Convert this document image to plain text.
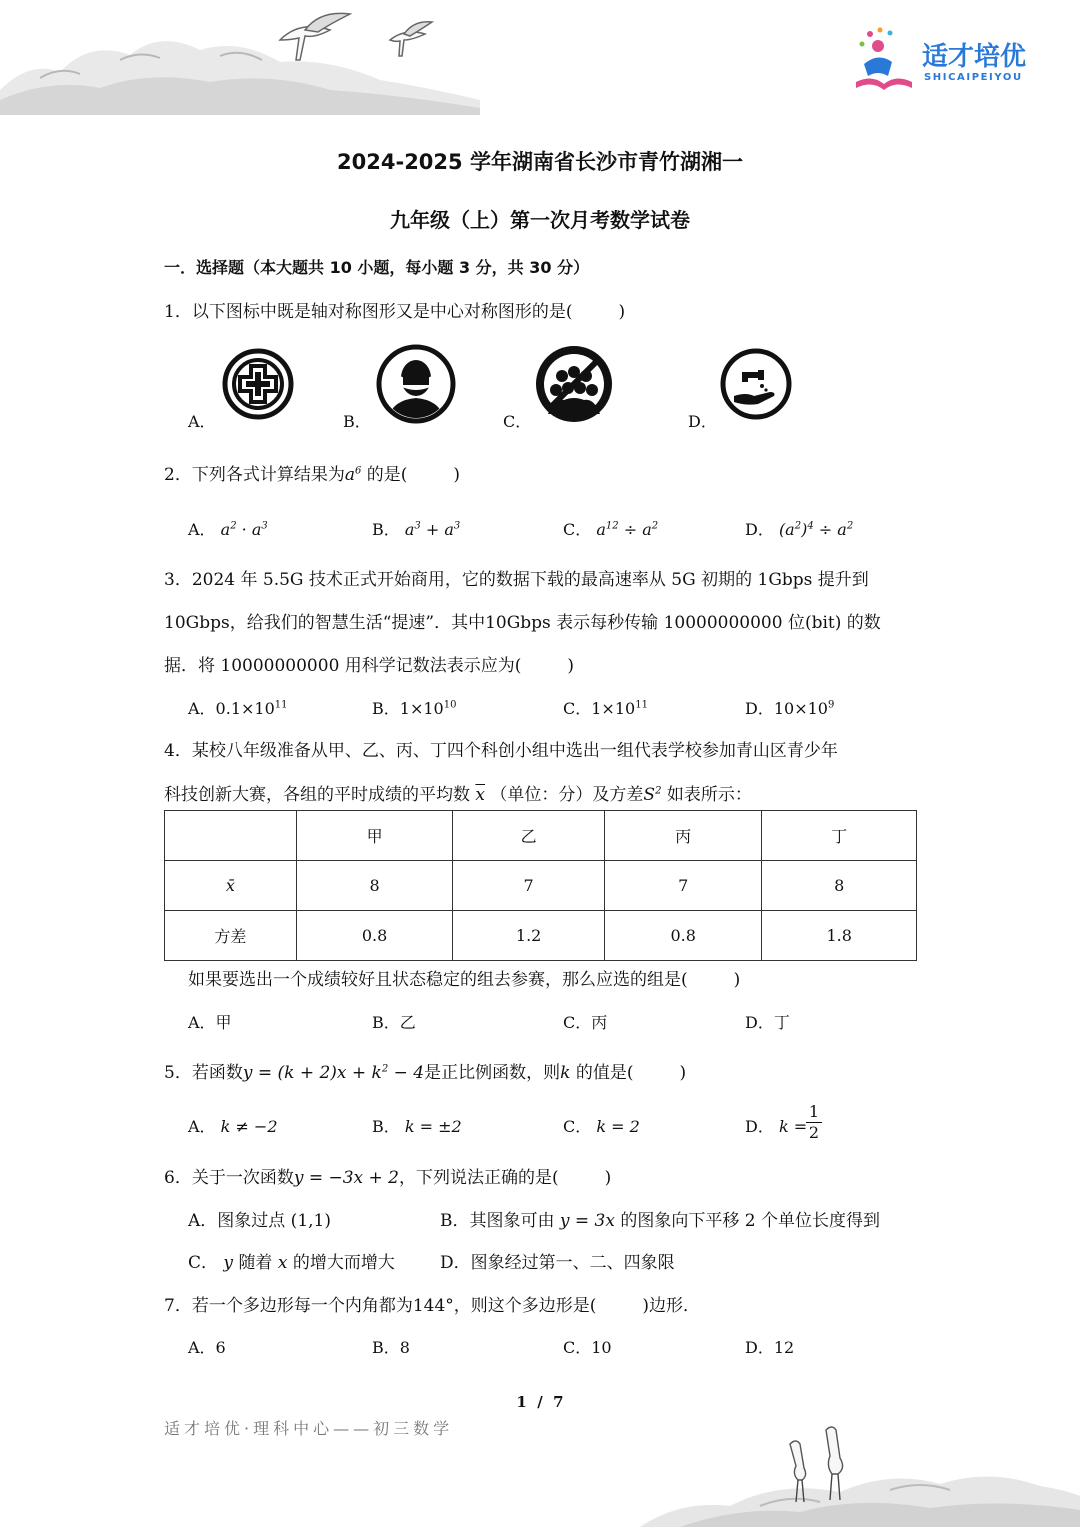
适才培优
SHICAIPEIYOU
2024-2025 学年湖南省长沙市青竹湖湘一
九年级（上）第一次月考数学试卷
一．选择题（本大题共 10 小题，每小题 3 分，共 30 分）
1．以下图标中既是轴对称图形又是中心对称图形的是(	)
A．	B．	C．	D．
2．下列各式计算结果为$a^6$ 的是(	)
A． $a^2 \cdot a^3$	B． $a^3 + a^3$	C． $a^{12} \div a^2$	D． $(a^2)^4 \div a^2$
3．2024 年 5.5G 技术正式开始商用，它的数据下载的最高速率从 5G 初期的 1Gbps 提升到
10Gbps，给我们的智慧生活“提速”．其中10Gbps 表示每秒传输 10000000000 位(bit) 的数
据．将 10000000000 用科学记数法表示应为(	)
A．$0.1\times 10^{11}$	B．$1\times 10^{10}$	C．$1\times 10^{11}$	D．$10\times 10^9$
4．某校八年级准备从甲、乙、丙、丁四个科创小组中选出一组代表学校参加青山区青少年
科技创新大赛，各组的平时成绩的平均数 $\overline{x}$ （单位：分）及方差$S^2$ 如表所示：
	甲	乙	丙	丁
x̄	8	7	7	8
方差	0.8	1.2	0.8	1.8
如果要选出一个成绩较好且状态稳定的组去参赛，那么应选的组是(	)
A．甲	B．乙	C．丙	D．丁
5．若函数$y = (k + 2)x + k^2 - 4$是正比例函数，则k 的值是(	)
A． k ≠ −2	B． k = ±2	C． k = 2	D． k =
$\frac{1}{2}$
6．关于一次函数y = −3x + 2，下列说法正确的是(	)
A．图象过点 (1,1)	B．其图象可由 y = 3x 的图象向下平移 2 个单位长度得到
C． y 随着 x 的增大而增大	D．图象经过第一、二、四象限
7．若一个多边形每一个内角都为144°，则这个多边形是(	)边形．
A．6	B．8	C．10	D．12
1  /  7
适才培优·理科中心——初三数学
